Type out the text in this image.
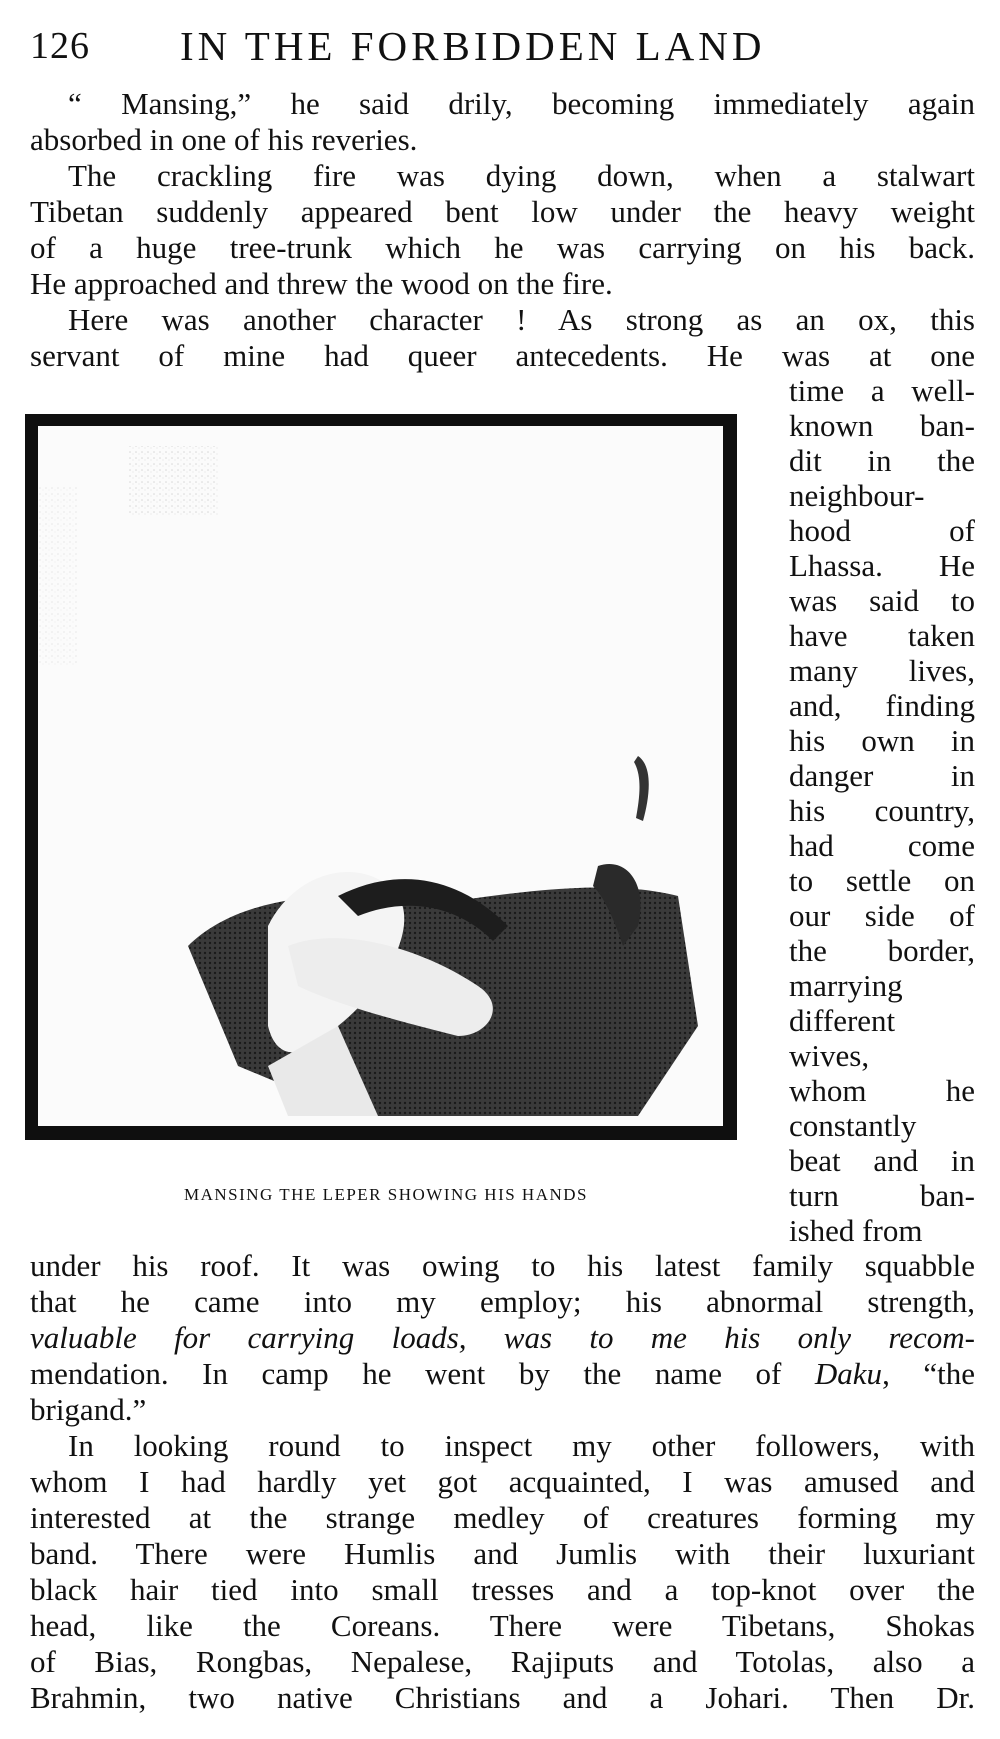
126 IN THE FORBIDDEN LAND
“ Mansing,” he said drily, becoming immediately again
absorbed in one of his reveries.
The crackling fire was dying down, when a stalwart
Tibetan suddenly appeared bent low under the heavy weight
of a huge tree-trunk which he was carrying on his back.
He approached and threw the wood on the fire.
Here was another character ! As strong as an ox, this
servant of mine had queer antecedents. He was at one
time a well-
known ban-
dit in the
neighbour-
hood of
Lhassa. He
was said to
have taken
many lives,
and, finding
his own in
danger in
his country,
had come
to settle on
our side of
the border,
marrying
different
wives,
whom he
constantly
beat and in
turn ban-
ished from
MANSING THE LEPER SHOWING HIS HANDS
under his roof. It was owing to his latest family squabble
that he came into my employ; his abnormal strength,
valuable for carrying loads, was to me his only recom-
mendation. In camp he went by the name of Daku, “the
brigand.”
In looking round to inspect my other followers, with
whom I had hardly yet got acquainted, I was amused and
interested at the strange medley of creatures forming my
band. There were Humlis and Jumlis with their luxuriant
black hair tied into small tresses and a top-knot over the
head, like the Coreans. There were Tibetans, Shokas
of Bias, Rongbas, Nepalese, Rajiputs and Totolas, also a
Brahmin, two native Christians and a Johari. Then Dr.
